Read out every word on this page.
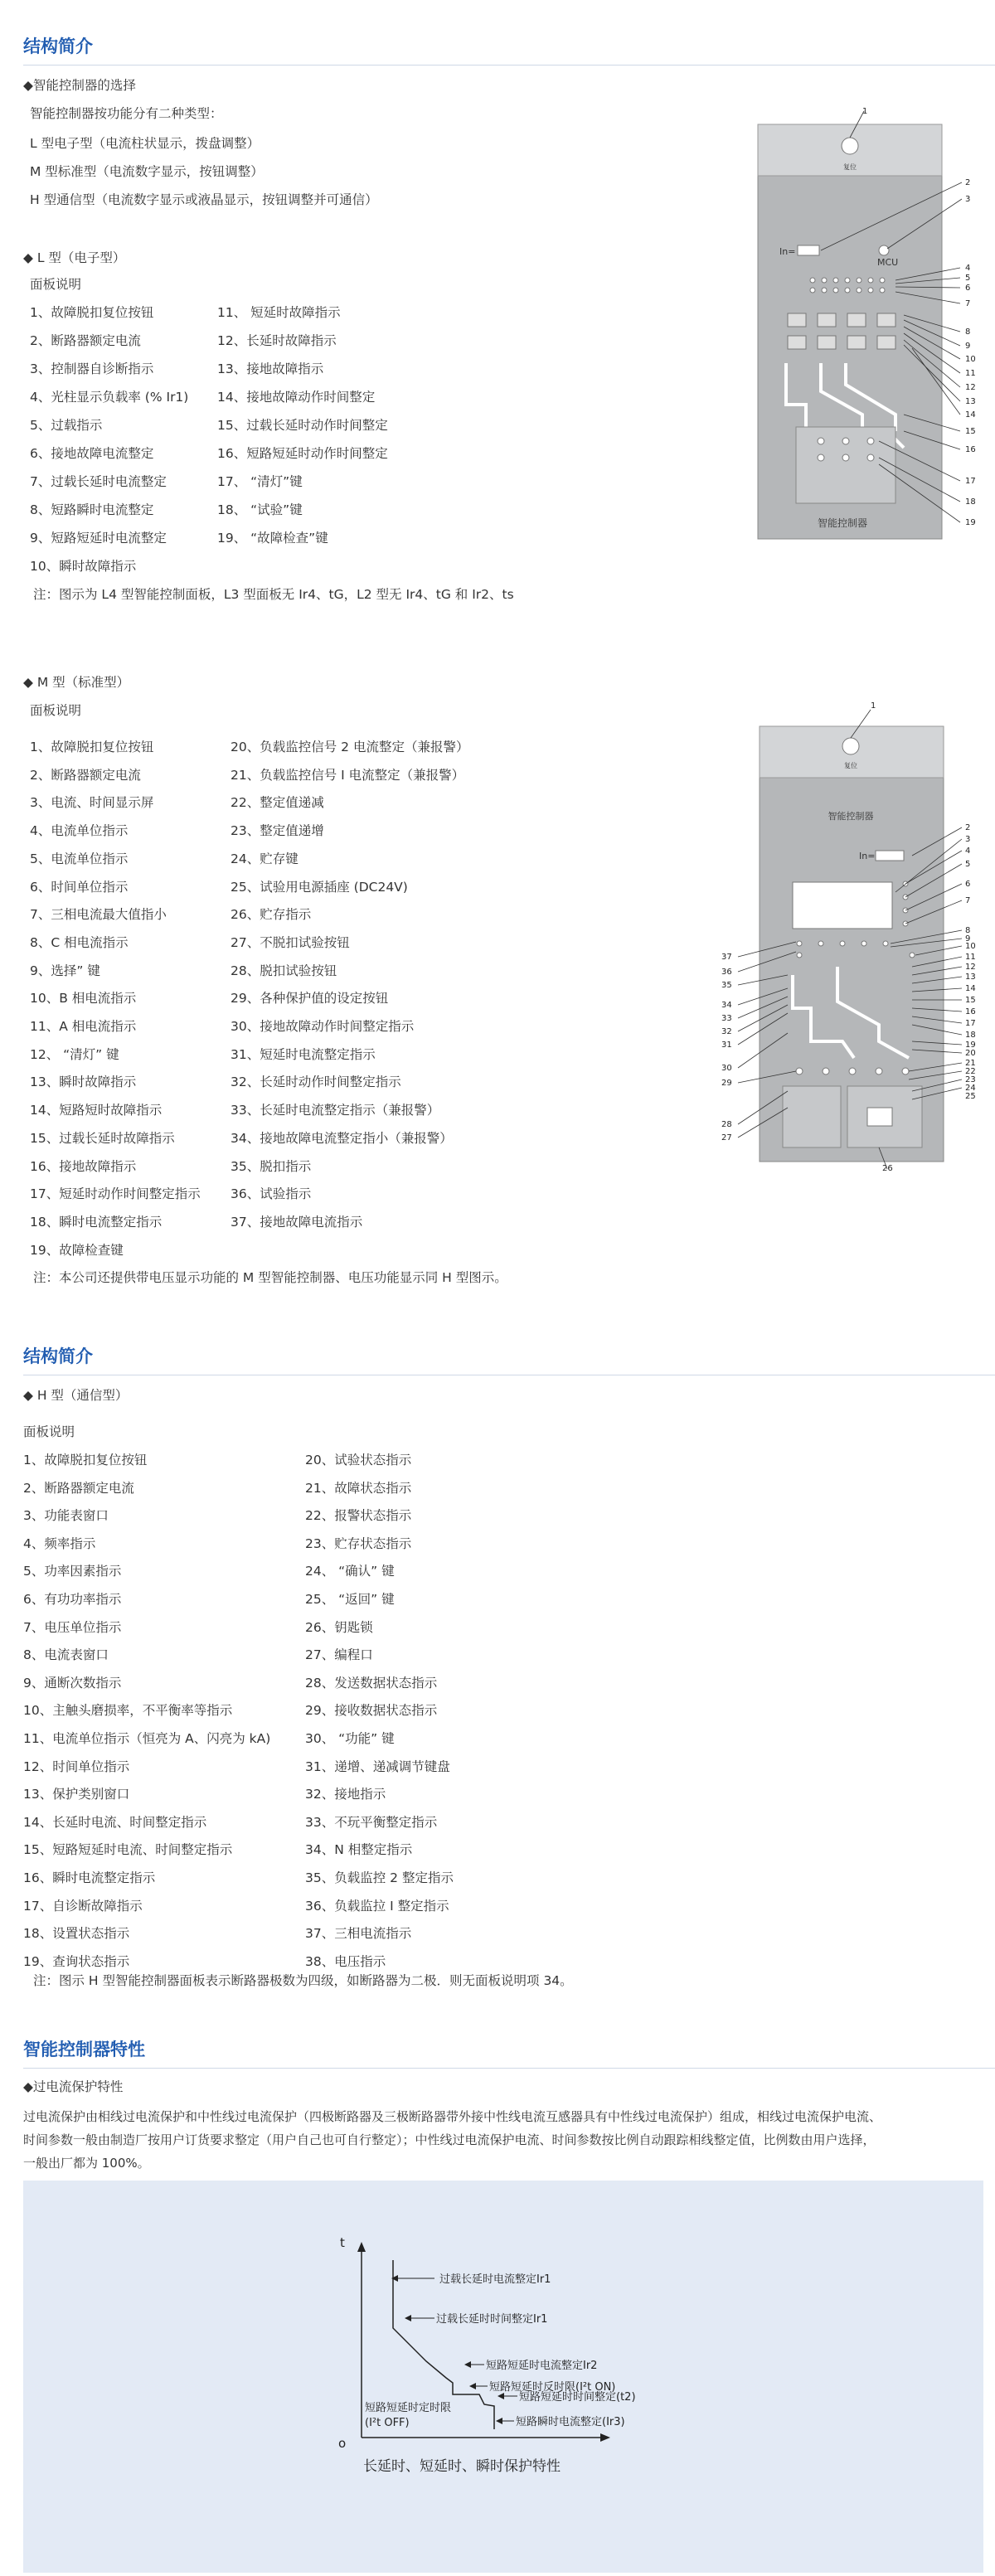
结构简介
◆智能控制器的选择
智能控制器按功能分有二种类型：
L 型电子型（电流柱状显示，拨盘调整）
M 型标准型（电流数字显示，按钮调整）
H 型通信型（电流数字显示或液晶显示，按钮调整并可通信）
◆ L 型（电子型）
面板说明
1、故障脱扣复位按钮
2、断路器额定电流
3、控制器自诊断指示
4、光柱显示负载率 (% Ir1)
5、过载指示
6、接地故障电流整定
7、过载长延时电流整定
8、短路瞬时电流整定
9、短路短延时电流整定
10、瞬时故障指示
11、 短延时故障指示
12、长延时故障指示
13、接地故障指示
14、接地故障动作时间整定
15、过载长延时动作时间整定
16、短路短延时动作时间整定
17、 “清灯”键
18、 “试验”键
19、 “故障检查”键
注：图示为 L4 型智能控制面板，L3 型面板无 Ir4、tG，L2 型无 Ir4、tG 和 Ir2、ts
复位
In=
MCU
智能控制器
1
2
3
4
5
6
7
8
9
10
11
12
13
14
15
16
17
18
19
◆ M 型（标准型）
面板说明
1、故障脱扣复位按钮
2、断路器额定电流
3、电流、时间显示屏
4、电流单位指示
5、电流单位指示
6、时间单位指示
7、三相电流最大值指小
8、C 相电流指示
9、选择” 键
10、B 相电流指示
11、A 相电流指示
12、 “清灯” 键
13、瞬时故障指示
14、短路短时故障指示
15、过载长延时故障指示
16、接地故障指示
17、短延时动作时间整定指示
18、瞬时电流整定指示
19、故障检查键
20、负载监控信号 2 电流整定（兼报警）
21、负载监控信号 I 电流整定（兼报警）
22、整定值递减
23、整定值递增
24、贮存键
25、试验用电源插座 (DC24V)
26、贮存指示
27、不脱扣试验按钮
28、脱扣试验按钮
29、各种保护值的设定按钮
30、接地故障动作时间整定指示
31、短延时电流整定指示
32、长延时动作时间整定指示
33、长延时电流整定指示（兼报警）
34、接地故障电流整定指小（兼报警）
35、脱扣指示
36、试验指示
37、接地故障电流指示
注：本公司还提供带电压显示功能的 M 型智能控制器、电压功能显示同 H 型图示。
复位
智能控制器
In=
2
3
4
5
6
7
8
9
10
11
12
13
14
15
16
17
18
19
20
21
22
23
24
25
37
36
35
34
33
32
31
30
29
28
27
1
26
结构简介
◆ H 型（通信型）
面板说明
1、故障脱扣复位按钮
2、断路器额定电流
3、功能表窗口
4、频率指示
5、功率因素指示
6、有功功率指示
7、电压单位指示
8、电流表窗口
9、通断次数指示
10、主触头磨损率，不平衡率等指示
11、电流单位指示（恒亮为 A、闪亮为 kA)
12、时间单位指示
13、保护类别窗口
14、长延时电流、时间整定指示
15、短路短延时电流、时间整定指示
16、瞬时电流整定指示
17、自诊断故障指示
18、设置状态指示
19、查询状态指示
20、试验状态指示
21、故障状态指示
22、报警状态指示
23、贮存状态指示
24、 “确认” 键
25、 “返回” 键
26、钥匙锁
27、编程口
28、发送数据状态指示
29、接收数据状态指示
30、 “功能” 键
31、递增、递减调节键盘
32、接地指示
33、不玩平衡整定指示
34、N 相整定指示
35、负载监控 2 整定指示
36、负载监拉 I 整定指示
37、三相电流指示
38、电压指示
注：图示 H 型智能控制器面板表示断路器极数为四级，如断路器为二极．则无面板说明项 34。
智能控制器特性
◆过电流保护特性
过电流保护由相线过电流保护和中性线过电流保护（四极断路器及三极断路器带外接中性线电流互感器具有中性线过电流保护）组成，相线过电流保护电流、
时间参数一般由制造厂按用户订货要求整定（用户自己也可自行整定）；中性线过电流保护电流、时间参数按比例自动跟踪相线整定值，比例数由用户选择，
一般出厂都为 100%。
t
o
过载长延时电流整定Ir1
过载长延时时间整定Ir1
短路短延时电流整定Ir2
短路短延时反时限(I²t ON)
短路短延时时间整定(t2)
短路短延时定时限
(I²t OFF)	短路瞬时电流整定(Ir3)
长延时、短延时、瞬时保护特性
